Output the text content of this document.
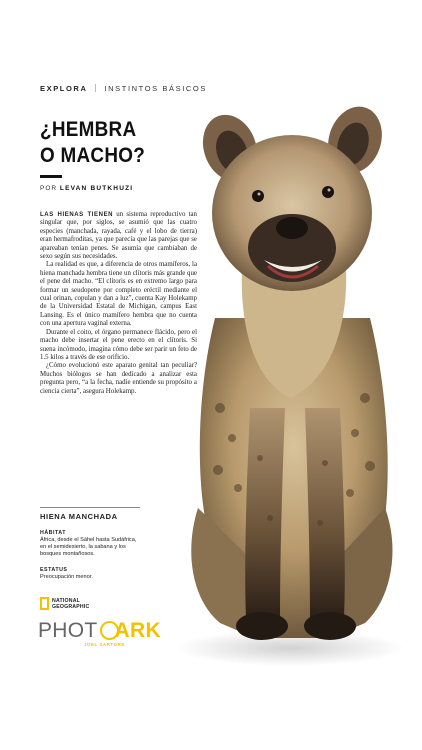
EXPLORA INSTINTOS BÁSICOS
¿HEMBRA
O MACHO?
POR LEVAN BUTKHUZI

LAS HIENAS TIENEN un sistema reproductivo tan singular que, por siglos, se asumió que las cuatro especies (manchada, rayada, café y el lobo de tierra) eran hermafroditas, ya que parecía que las parejas que se apareaban tenían penes. Se asumía que cambiaban de sexo según sus necesidades.

La realidad es que, a diferencia de otros mamíferos, la hiena manchada hembra tiene un clítoris más grande que el pene del macho. “El clítoris es en extremo largo para formar un seudopene por completo eréctil mediante el cual orinan, copulan y dan a luz”, cuenta Kay Holekamp de la Universidad Estatal de Michigan, campus East Lansing. Es el único mamífero hembra que no cuenta con una apertura vaginal externa.

Durante el coito, el órgano permanece flácido, pero el macho debe insertar el pene erecto en el clítoris. Si suena incómodo, imagina cómo debe ser parir un feto de 1.5 kilos a través de ese orificio.

¿Cómo evolucionó este aparato genital tan peculiar? Muchos biólogos se han dedicado a analizar esta pregunta pero, “a la fecha, nadie entiende su propósito a ciencia cierta”, asegura Holekamp.

HIENA MANCHADA
HÁBITAT
África, desde el Sáhel hasta Sudáfrica, en el semidesierto, la sabana y los bosques montañosos.
ESTATUS
Preocupación menor.
NATIONAL
GEOGRAPHIC
PHOT ARK
JOEL SARTORE
